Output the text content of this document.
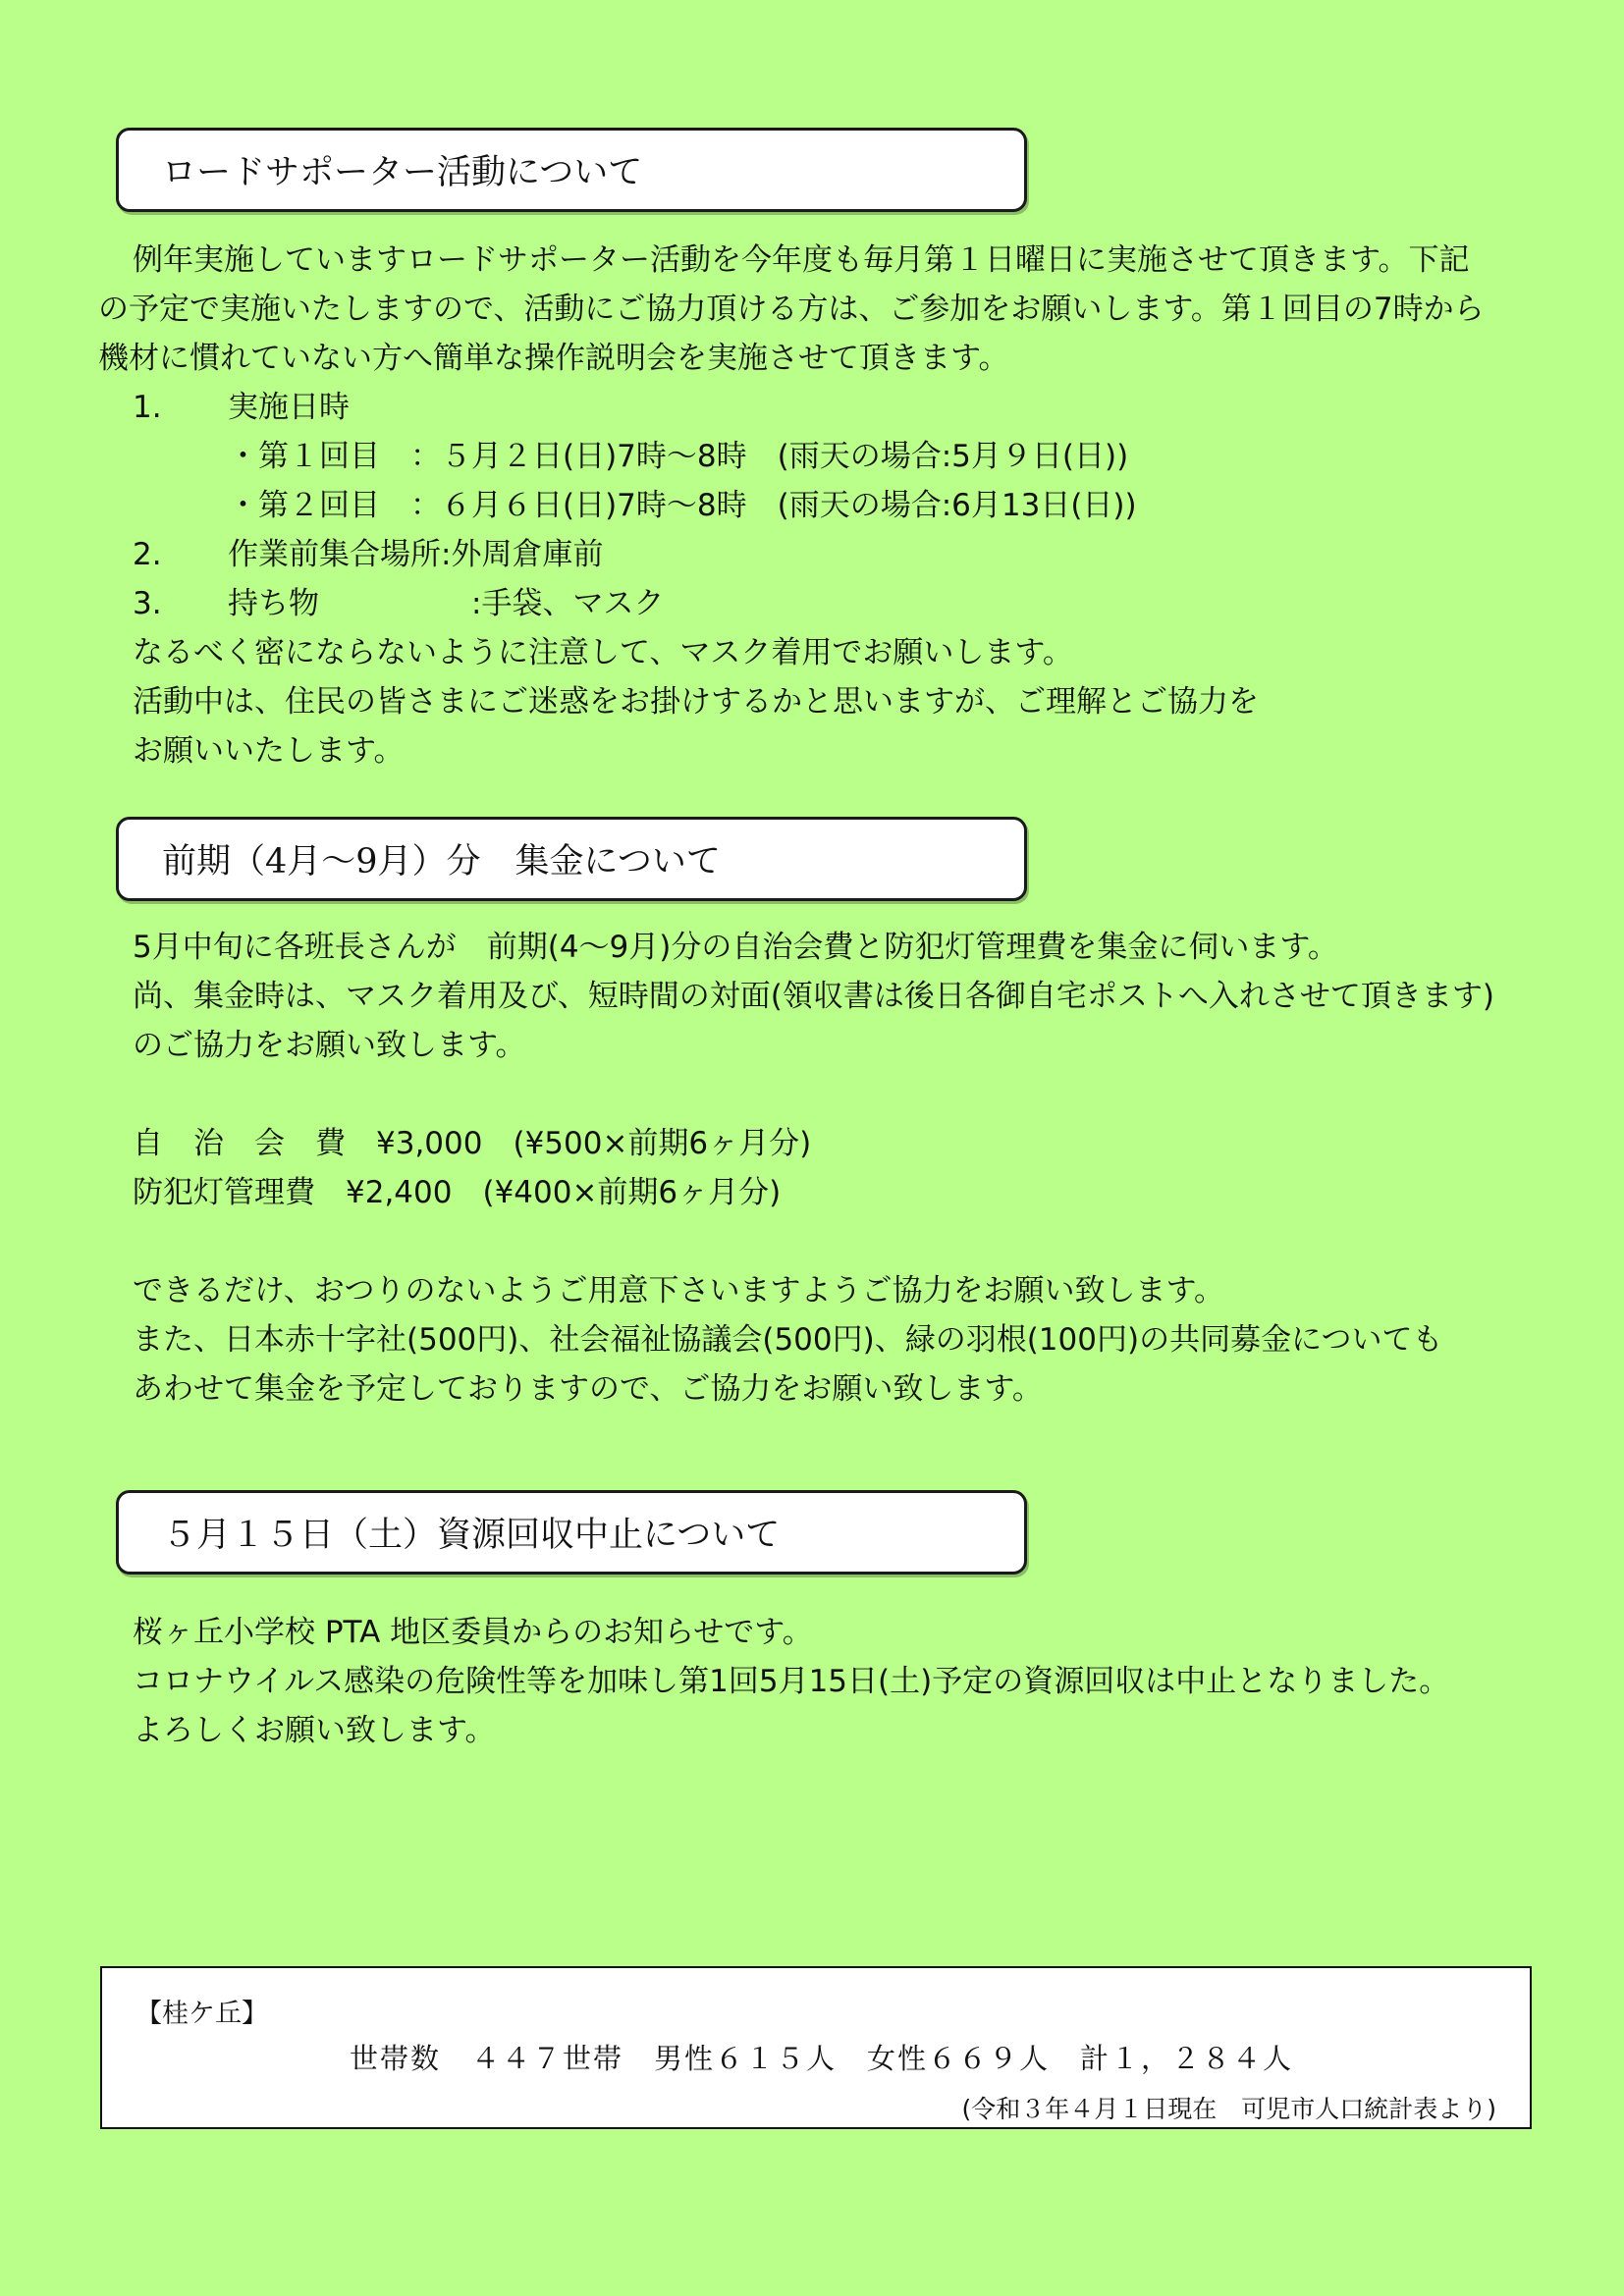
ロードサポーター活動について
例年実施していますロードサポーター活動を今年度も毎月第１日曜日に実施させて頂きます。下記
の予定で実施いたしますので、活動にご協力頂ける方は、ご参加をお願いします。第１回目の7時から
機材に慣れていない方へ簡単な操作説明会を実施させて頂きます。
1. 実施日時
・第１回目　：５月２日(日)7時～8時　(雨天の場合:5月９日(日))
・第２回目　：６月６日(日)7時～8時　(雨天の場合:6月13日(日))
2. 作業前集合場所:外周倉庫前
3. 持ち物　　　　　:手袋、マスク
なるべく密にならないように注意して、マスク着用でお願いします。
活動中は、住民の皆さまにご迷惑をお掛けするかと思いますが、ご理解とご協力を
お願いいたします。
前期（4月～9月）分　集金について
5月中旬に各班長さんが　前期(4～9月)分の自治会費と防犯灯管理費を集金に伺います。
尚、集金時は、マスク着用及び、短時間の対面(領収書は後日各御自宅ポストへ入れさせて頂きます)
のご協力をお願い致します。
自　治　会　費　¥3,000　(¥500×前期6ヶ月分)
防犯灯管理費　¥2,400　(¥400×前期6ヶ月分)
できるだけ、おつりのないようご用意下さいますようご協力をお願い致します。
また、日本赤十字社(500円)、社会福祉協議会(500円)、緑の羽根(100円)の共同募金についても
あわせて集金を予定しておりますので、ご協力をお願い致します。
５月１５日（土）資源回収中止について
桜ヶ丘小学校 PTA 地区委員からのお知らせです。
コロナウイルス感染の危険性等を加味し第1回5月15日(土)予定の資源回収は中止となりました。
よろしくお願い致します。
【桂ケ丘】
世帯数　４４７世帯　男性６１５人　女性６６９人　計１，２８４人
(令和３年４月１日現在　可児市人口統計表より)
